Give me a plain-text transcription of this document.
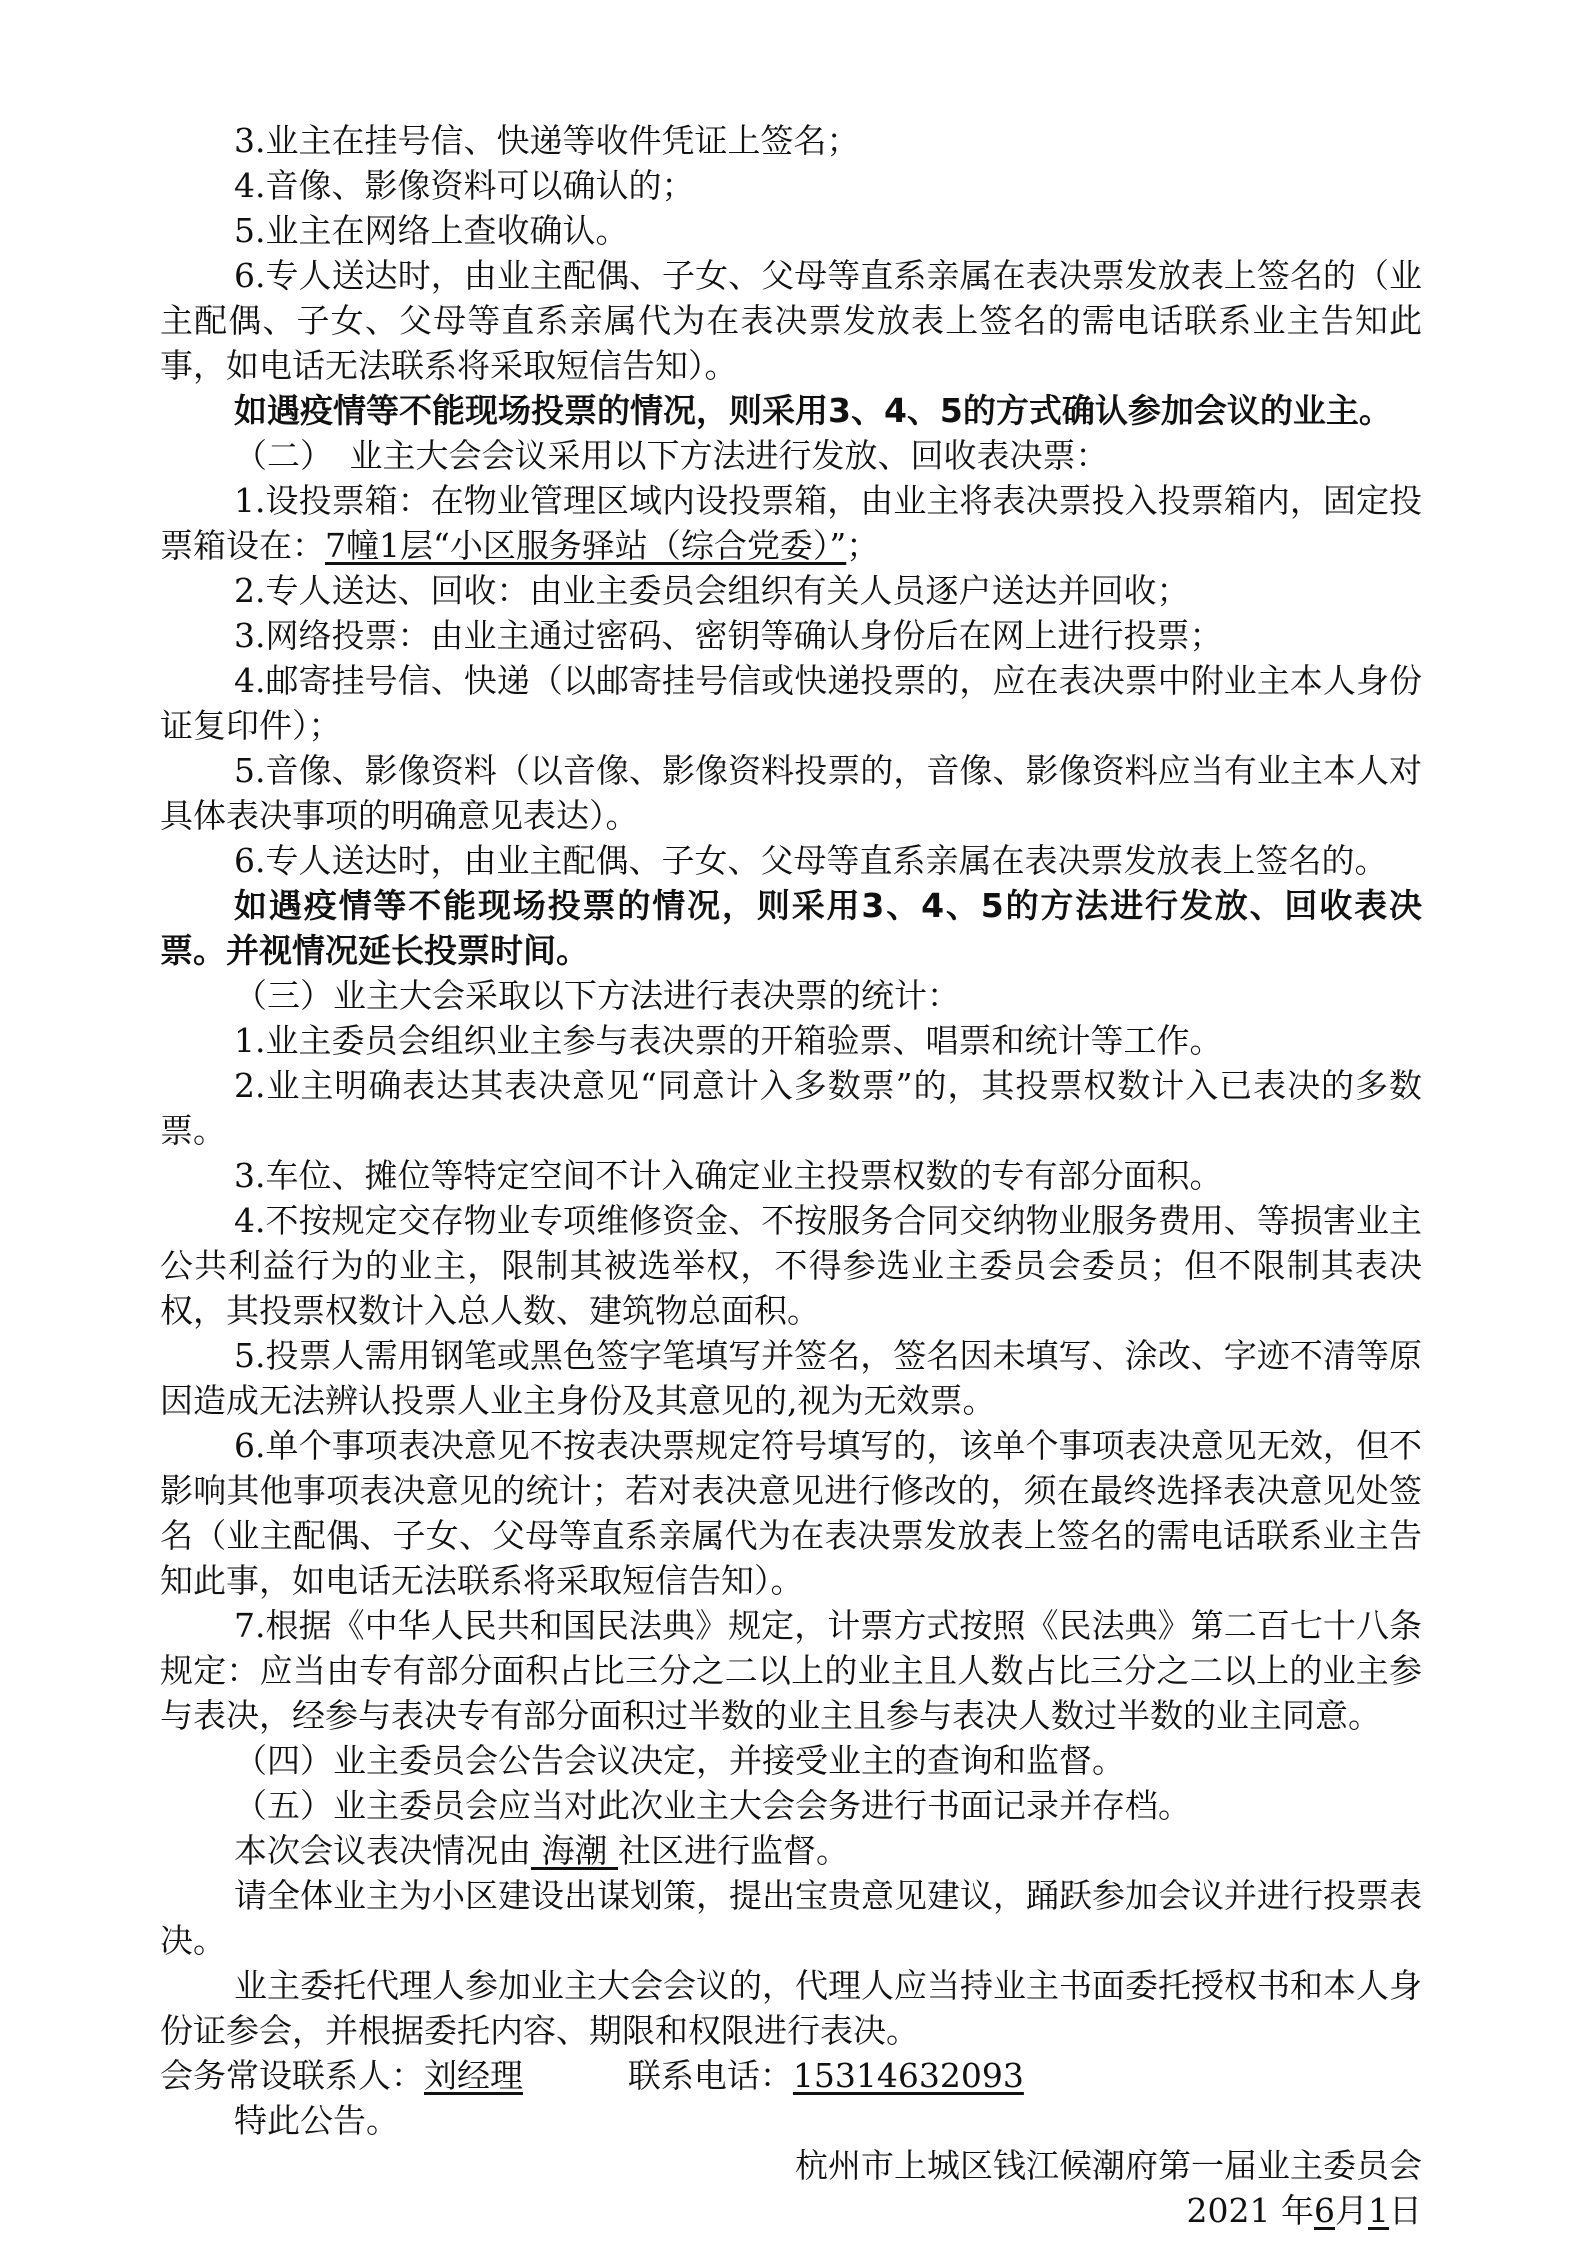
3.业主在挂号信、快递等收件凭证上签名；

4.音像、影像资料可以确认的；

5.业主在网络上查收确认。

6.专人送达时，由业主配偶、子女、父母等直系亲属在表决票发放表上签名的（业主配偶、子女、父母等直系亲属代为在表决票发放表上签名的需电话联系业主告知此事，如电话无法联系将采取短信告知）。

如遇疫情等不能现场投票的情况，则采用3、4、5的方式确认参加会议的业主。

（二）　业主大会会议采用以下方法进行发放、回收表决票：

1.设投票箱：在物业管理区域内设投票箱，由业主将表决票投入投票箱内，固定投票箱设在：7幢1层“小区服务驿站（综合党委）”；

2.专人送达、回收：由业主委员会组织有关人员逐户送达并回收；

3.网络投票：由业主通过密码、密钥等确认身份后在网上进行投票；

4.邮寄挂号信、快递（以邮寄挂号信或快递投票的，应在表决票中附业主本人身份证复印件）；

5.音像、影像资料（以音像、影像资料投票的，音像、影像资料应当有业主本人对具体表决事项的明确意见表达）。

6.专人送达时，由业主配偶、子女、父母等直系亲属在表决票发放表上签名的。

如遇疫情等不能现场投票的情况，则采用3、4、5的方法进行发放、回收表决票。并视情况延长投票时间。

（三）业主大会采取以下方法进行表决票的统计：

1.业主委员会组织业主参与表决票的开箱验票、唱票和统计等工作。

2.业主明确表达其表决意见“同意计入多数票”的，其投票权数计入已表决的多数票。

3.车位、摊位等特定空间不计入确定业主投票权数的专有部分面积。

4.不按规定交存物业专项维修资金、不按服务合同交纳物业服务费用、等损害业主公共利益行为的业主，限制其被选举权，不得参选业主委员会委员；但不限制其表决权，其投票权数计入总人数、建筑物总面积。

5.投票人需用钢笔或黑色签字笔填写并签名，签名因未填写、涂改、字迹不清等原因造成无法辨认投票人业主身份及其意见的,视为无效票。

6.单个事项表决意见不按表决票规定符号填写的，该单个事项表决意见无效，但不影响其他事项表决意见的统计；若对表决意见进行修改的，须在最终选择表决意见处签名（业主配偶、子女、父母等直系亲属代为在表决票发放表上签名的需电话联系业主告知此事，如电话无法联系将采取短信告知）。

7.根据《中华人民共和国民法典》规定，计票方式按照《民法典》第二百七十八条规定：应当由专有部分面积占比三分之二以上的业主且人数占比三分之二以上的业主参与表决，经参与表决专有部分面积过半数的业主且参与表决人数过半数的业主同意。

（四）业主委员会公告会议决定，并接受业主的查询和监督。

（五）业主委员会应当对此次业主大会会务进行书面记录并存档。

本次会议表决情况由 海潮 社区进行监督。

请全体业主为小区建设出谋划策，提出宝贵意见建议，踊跃参加会议并进行投票表决。

业主委托代理人参加业主大会会议的，代理人应当持业主书面委托授权书和本人身份证参会，并根据委托内容、期限和权限进行表决。

会务常设联系人：刘经理	联系电话：15314632093

特此公告。

杭州市上城区钱江候潮府第一届业主委员会

2021 年6月1日
